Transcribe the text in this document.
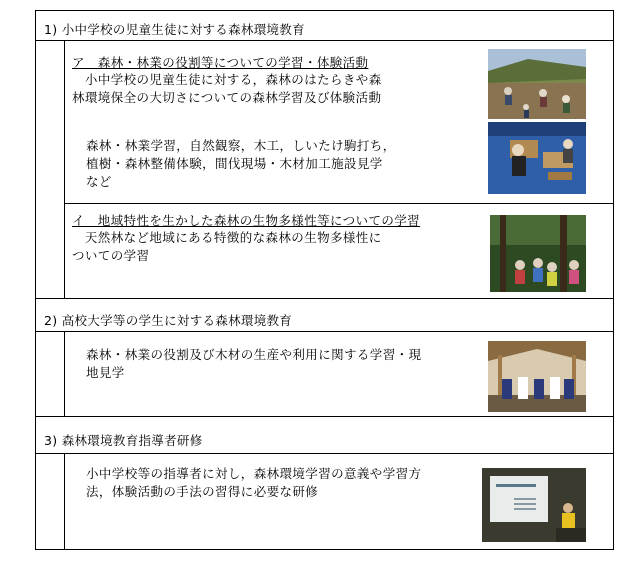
1) 小中学校の児童生徒に対する森林環境教育
ア　森林・林業の役割等についての学習・体験活動
　小中学校の児童生徒に対する，森林のはたらきや森
林環境保全の大切さについての森林学習及び体験活動
森林・林業学習，自然観察，木工，しいたけ駒打ち，
植樹・森林整備体験，間伐現場・木材加工施設見学
など
イ　地域特性を生かした森林の生物多様性等についての学習
　天然林など地域にある特徴的な森林の生物多様性に
ついての学習
2) 高校大学等の学生に対する森林環境教育
森林・林業の役割及び木材の生産や利用に関する学習・現
地見学
3) 森林環境教育指導者研修
小中学校等の指導者に対し，森林環境学習の意義や学習方
法，体験活動の手法の習得に必要な研修
